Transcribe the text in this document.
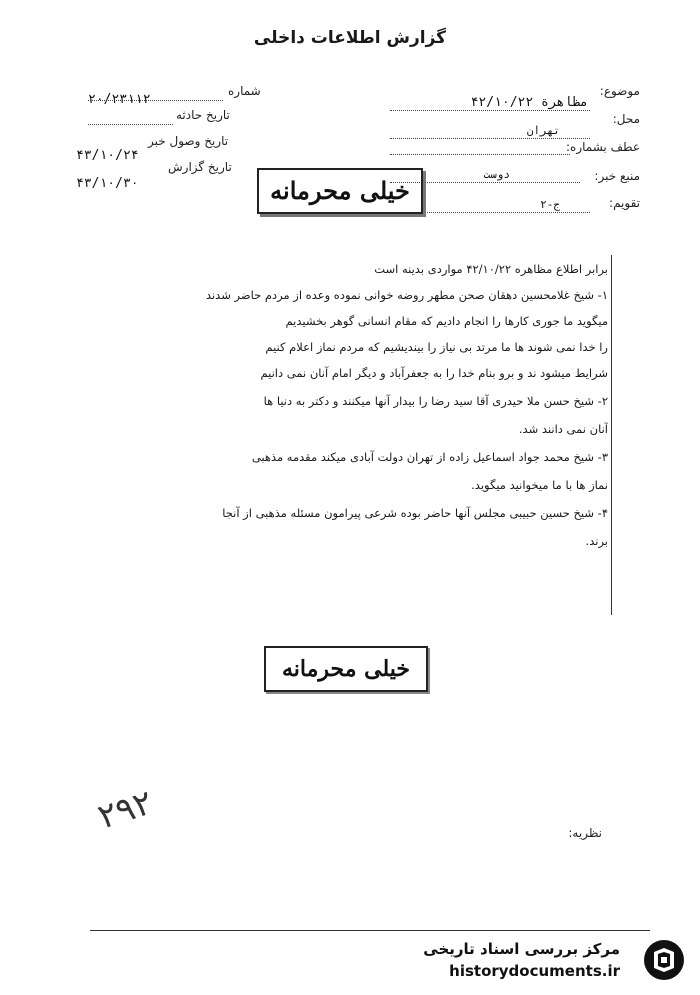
گزارش اطلاعات داخلی
موضوع:
مظاهرة ۴۲/۱۰/۲۲
محل:
تهران
عطف بشماره:
منبع خبر:
دوست
تقویم:
ج-۲
شماره
۲۰/۲۳۱۱۲
تاریخ حادثه
تاریخ وصول خبر
۴۳/۱۰/۲۴
تاریخ گزارش
۴۳/۱۰/۳۰	خیلی محرمانه
برابر اطلاع مظاهره ۴۲/۱۰/۲۲ مواردی بدینه است
۱- شیخ غلامحسین دهقان صحن مطهر روضه خوانی نموده وعده از مردم حاضر شدند
میگوید ما جوری کارها را انجام دادیم که مقام انسانی گوهر بخشیدیم
را خدا نمی شوند ها ما مرتد بی نیاز را بیندیشیم که مردم نماز اعلام کنیم
شرایط میشود ند و برو بنام خدا را به جعفرآباد و دیگر امام آنان نمی دانیم
۲- شیخ حسن ملا حیدری آقا سید رضا را بیدار آنها میکنند و دکتر به دنیا ها
آنان نمی دانند شد.
۳- شیخ محمد جواد اسماعیل زاده از تهران دولت آبادی میکند مقدمه مذهبی
نماز ها با ما میخوانید میگوید.
۴- شیخ حسین حبیبی مجلس آنها حاضر بوده شرعی پیرامون مسئله مذهبی از آنجا
برند.
خیلی محرمانه
۲۹۲	نظریه:
مرکز بررسی اسناد تاریخی
historydocuments.ir
